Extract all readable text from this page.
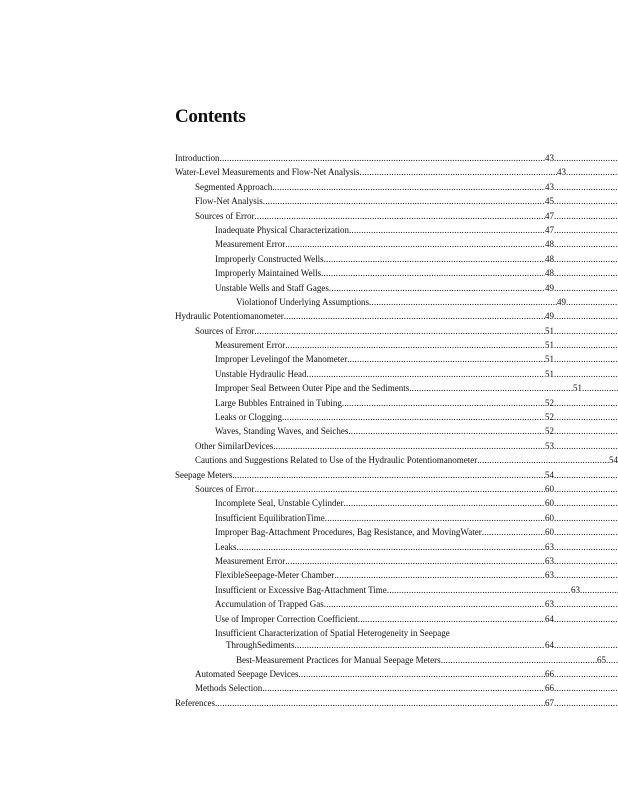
Contents
Introduction .....	43
.....
Water-Level Measurements and Flow-Net Analysis .....	43
.....
Segmented Approach .....	43
.....
Flow-Net Analysis .....	45
.....
Sources of Error .....	47
.....
Inadequate Physical Characterization .....	47
.....
Measurement Error .....	48
.....
Improperly Constructed Wells .....	48
.....
Improperly Maintained Wells .....	48
.....
Unstable Wells and Staff Gages .....	49
.....
Violationof Underlying Assumptions .....	49
.....
Hydraulic Potentiomanometer .....	49
.....
Sources of Error .....	51
.....
Measurement Error .....	51
.....
Improper Levelingof the Manometer .....	51
.....
Unstable Hydraulic Head .....	51
.....
Improper Seal Between Outer Pipe and the Sediments .....	51
.....
Large Bubbles Entrained in Tubing .....	52
.....
Leaks or Clogging .....	52
.....
Waves, Standing Waves, and Seiches .....	52
.....
Other SimilarDevices .....	53
.....
Cautions and Suggestions Related to Use of the Hydraulic Potentiomanometer .....	54
Seepage Meters .....	54
.....
Sources of Error .....	60
.....
Incomplete Seal, Unstable Cylinder .....	60
.....
Insufficient EquilibrationTime .....	60
.....
Improper Bag-Attachment Procedures, Bag Resistance, and MovingWater .....	60
.....
Leaks .....	63
.....
Measurement Error .....	63
.....
FlexibleSeepage-Meter Chamber .....	63
.....
Insufficient or Excessive Bag-Attachment Time .....	63
.....
Accumulation of Trapped Gas .....	63
.....
Use of Improper Correction Coefficient .....	64
.....
Insufficient Characterization of Spatial Heterogeneity in Seepage
ThroughSediments .....	64
.....
Best-Measurement Practices for Manual Seepage Meters .....	65
.....
Automated Seepage Devices .....	66
.....
Methods Selection .....	66
.....
References .....	67
.....
